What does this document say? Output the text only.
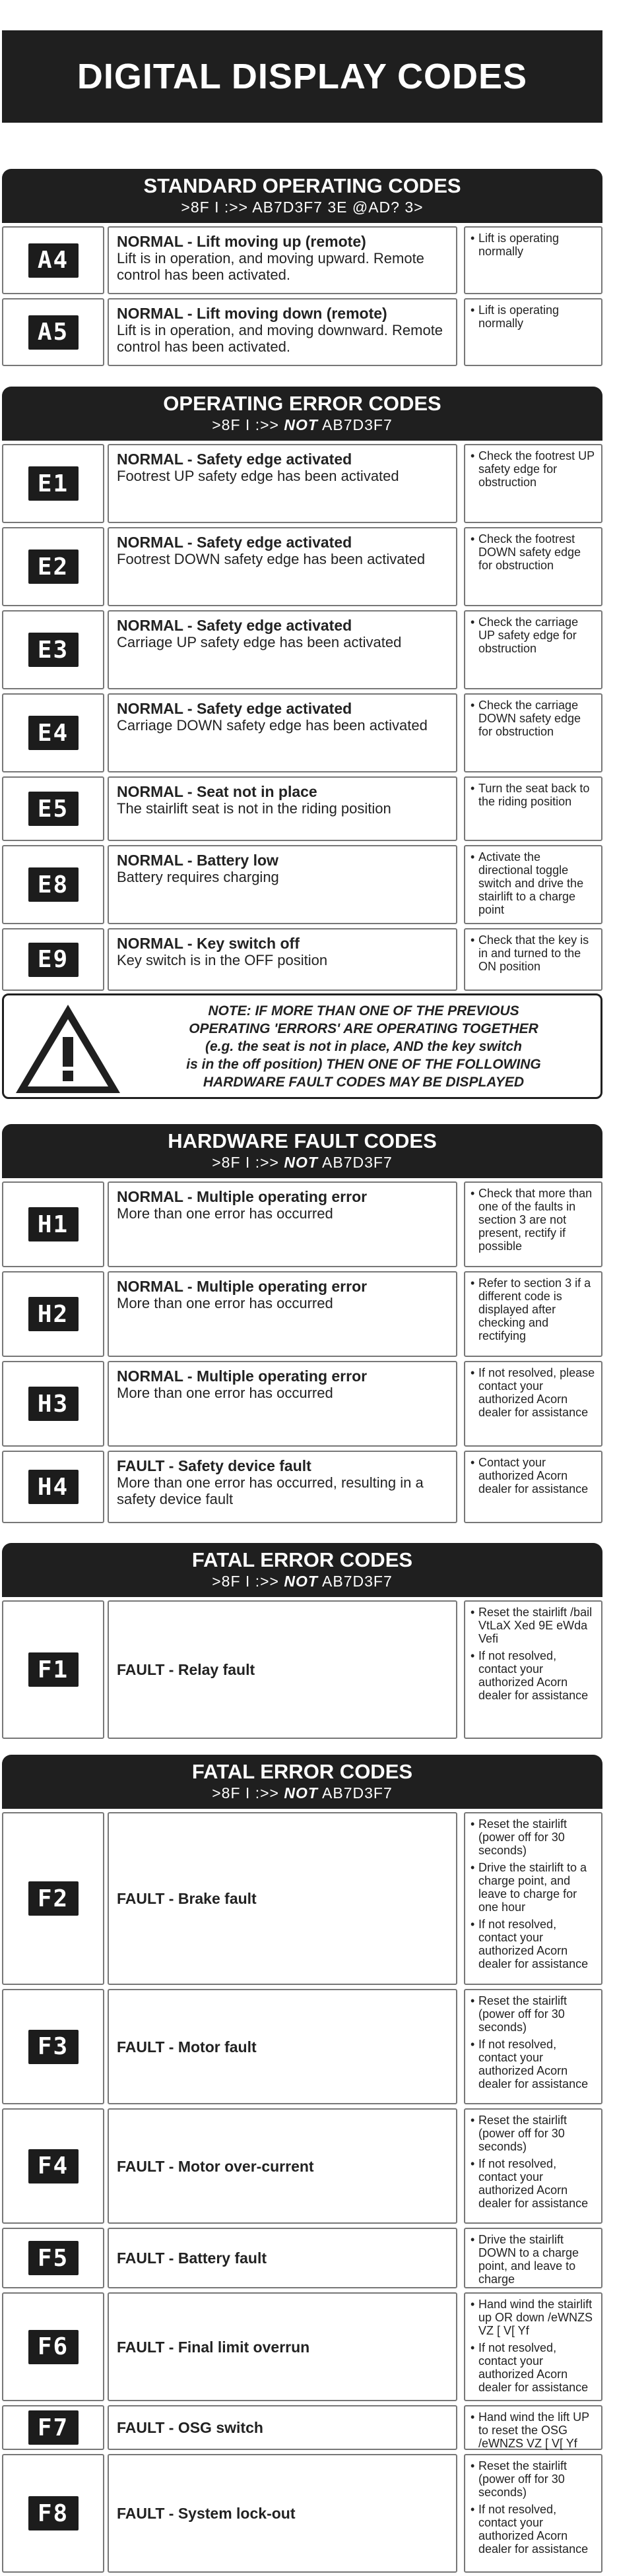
DIGITAL DISPLAY CODES
STANDARD OPERATING CODES
>8F I :>> AB7D3F7 3E @AD? 3>
A4
NORMAL - Lift moving up (remote)
Lift is in operation, and moving upward. Remote control has been activated.
• Lift is operating normally
A5
NORMAL - Lift moving down (remote)
Lift is in operation, and moving downward. Remote control has been activated.
• Lift is operating normally
E1
NORMAL - Safety edge activated
Footrest UP safety edge has been activated
• Check the footrest UP safety edge for obstruction
E2
NORMAL - Safety edge activated
Footrest DOWN safety edge has been activated
• Check the footrest DOWN safety edge for obstruction
E3
NORMAL - Safety edge activated
Carriage UP safety edge has been activated
• Check the carriage UP safety edge for obstruction
E4
NORMAL - Safety edge activated
Carriage DOWN safety edge has been activated
• Check the carriage DOWN safety edge for obstruction
E5
NORMAL - Seat not in place
The stairlift seat is not in the riding position
• Turn the seat back to the riding position
E8
NORMAL - Battery low
Battery requires charging
• Activate the directional toggle switch and drive the stairlift to a charge point
E9
NORMAL - Key switch off
Key switch is in the OFF position
• Check that the key is in and turned to the ON position
H1
NORMAL - Multiple operating error
More than one error has occurred
• Check that more than one of the faults in section 3 are not present, rectify if possible
H2
NORMAL - Multiple operating error
More than one error has occurred
• Refer to section 3 if a different code is displayed after checking and rectifying
H3
NORMAL - Multiple operating error
More than one error has occurred
• If not resolved, please contact your authorized Acorn dealer for assistance
H4
FAULT - Safety device fault
More than one error has occurred, resulting in a safety device fault
• Contact your authorized Acorn dealer for assistance
F1	FAULT - Relay fault
• Reset the stairlift /bail VtLaX Xed 9E eWda Vefi
• If not resolved, contact your authorized Acorn dealer for assistance
F2	FAULT - Brake fault
• Reset the stairlift (power off for 30 seconds)
• Drive the stairlift to a charge point, and leave to charge for one hour
• If not resolved, contact your authorized Acorn dealer for assistance
F3	FAULT - Motor fault
• Reset the stairlift (power off for 30 seconds)
• If not resolved, contact your authorized Acorn dealer for assistance
F4	FAULT - Motor over-current
• Reset the stairlift (power off for 30 seconds)
• If not resolved, contact your authorized Acorn dealer for assistance
F5	FAULT - Battery fault
• Drive the stairlift DOWN to a charge point, and leave to charge
F6	FAULT - Final limit overrun
• Hand wind the stairlift up OR down /eWNZS VZ [ V[ Yf
• If not resolved, contact your authorized Acorn dealer for assistance
F7	FAULT - OSG switch
• Hand wind the lift UP to reset the OSG /eWNZS VZ [ V[ Yf
F8	FAULT - System lock-out
• Reset the stairlift (power off for 30 seconds)
• If not resolved, contact your authorized Acorn dealer for assistance
OPERATING ERROR CODES
>8F I :>> NOT AB7D3F7
NOTE: IF MORE THAN ONE OF THE PREVIOUS
OPERATING 'ERRORS' ARE OPERATING TOGETHER
(e.g. the seat is not in place, AND the key switch
is in the off position) THEN ONE OF THE FOLLOWING
HARDWARE FAULT CODES MAY BE DISPLAYED
HARDWARE FAULT CODES
>8F I :>> NOT AB7D3F7
FATAL ERROR CODES
>8F I :>> NOT AB7D3F7
FATAL ERROR CODES
>8F I :>> NOT AB7D3F7
